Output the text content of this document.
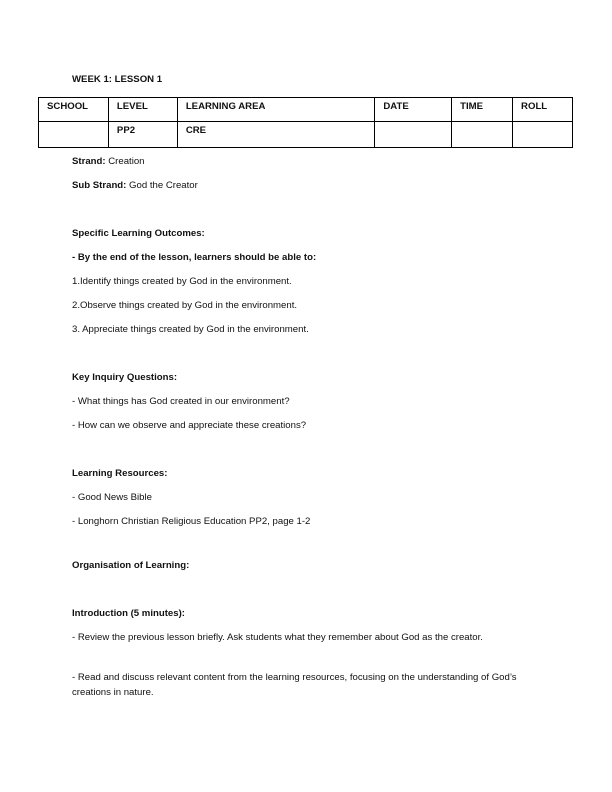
WEEK 1: LESSON 1
SCHOOL	LEVEL	LEARNING AREA	DATE	TIME	ROLL
	PP2	CRE			
Strand: Creation
Sub Strand: God the Creator
Specific Learning Outcomes:
- By the end of the lesson, learners should be able to:
1.Identify things created by God in the environment.
2.Observe things created by God in the environment.
3. Appreciate things created by God in the environment.
Key Inquiry Questions:
- What things has God created in our environment?
- How can we observe and appreciate these creations?
Learning Resources:
- Good News Bible
- Longhorn Christian Religious Education PP2, page 1-2
Organisation of Learning:
Introduction (5 minutes):
- Review the previous lesson briefly. Ask students what they remember about God as the creator.
- Read and discuss relevant content from the learning resources, focusing on the understanding of God’s creations in nature.
